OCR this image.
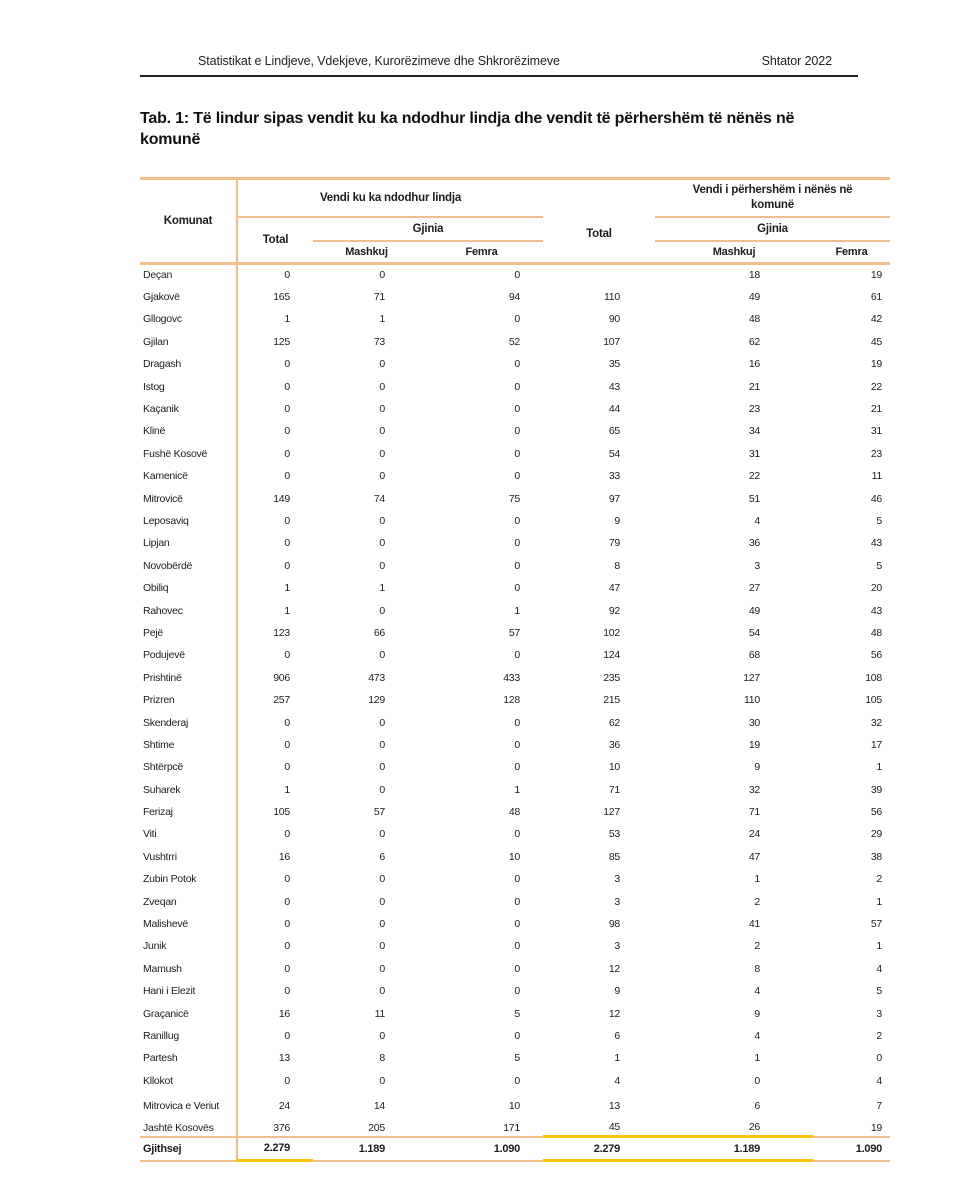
Statistikat e Lindjeve, Vdekjeve, Kurorëzimeve dhe Shkrorëzimeve	Shtator 2022
Tab. 1: Të lindur sipas vendit ku ka ndodhur lindja dhe vendit të përhershëm të nënës në komunë
Komunat	Vendi ku ka ndodhur lindja			Total	Vendi i përhershëm i nënës në komunë	
	Total	Gjinia			Gjinia	
		Mashkuj	Femra		Mashkuj	Femra
Deçan	0	0	0		18	19
Gjakovë	165	71	94	110	49	61
Gllogovc	1	1	0	90	48	42
Gjilan	125	73	52	107	62	45
Dragash	0	0	0	35	16	19
Istog	0	0	0	43	21	22
Kaçanik	0	0	0	44	23	21
Klinë	0	0	0	65	34	31
Fushë Kosovë	0	0	0	54	31	23
Kamenicë	0	0	0	33	22	11
Mitrovicë	149	74	75	97	51	46
Leposaviq	0	0	0	9	4	5
Lipjan	0	0	0	79	36	43
Novobërdë	0	0	0	8	3	5
Obiliq	1	1	0	47	27	20
Rahovec	1	0	1	92	49	43
Pejë	123	66	57	102	54	48
Podujevë	0	0	0	124	68	56
Prishtinë	906	473	433	235	127	108
Prizren	257	129	128	215	110	105
Skenderaj	0	0	0	62	30	32
Shtime	0	0	0	36	19	17
Shtërpcë	0	0	0	10	9	1
Suharek	1	0	1	71	32	39
Ferizaj	105	57	48	127	71	56
Viti	0	0	0	53	24	29
Vushtrri	16	6	10	85	47	38
Zubin Potok	0	0	0	3	1	2
Zveqan	0	0	0	3	2	1
Malishevë	0	0	0	98	41	57
Junik	0	0	0	3	2	1
Mamush	0	0	0	12	8	4
Hani i Elezit	0	0	0	9	4	5
Graçanicë	16	11	5	12	9	3
Ranillug	0	0	0	6	4	2
Partesh	13	8	5	1	1	0
Kllokot	0	0	0	4	0	4
Mitrovica e Veriut	24	14	10	13	6	7
Jashtë Kosovës	376	205	171	45	26	19
Gjithsej	2.279	1.189	1.090	2.279	1.189	1.090
